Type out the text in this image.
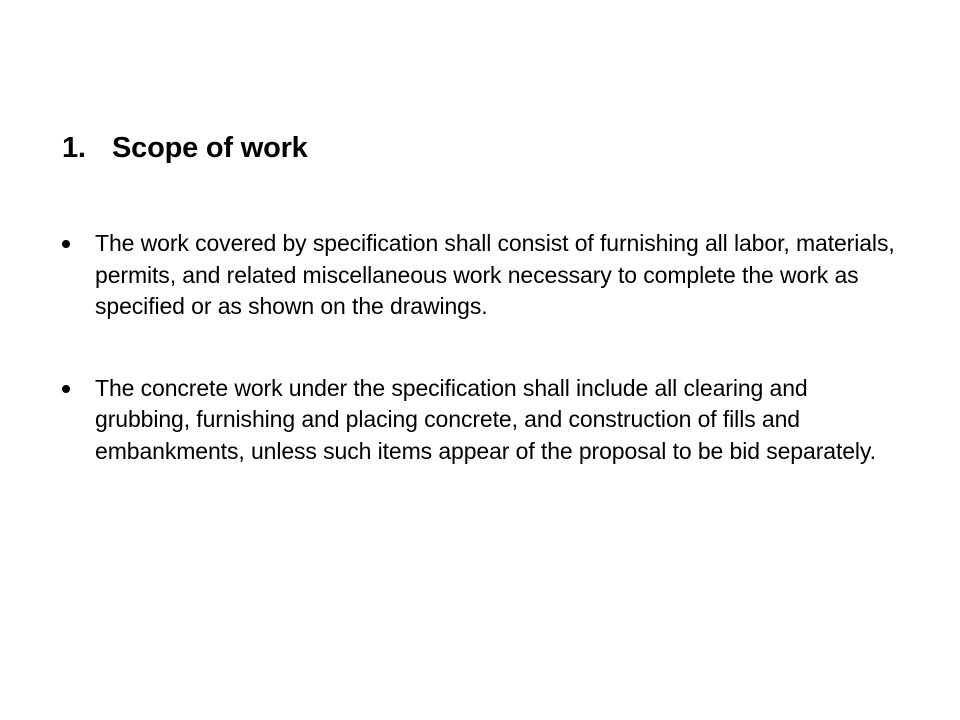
1. Scope of work
The work covered by specification shall consist of furnishing all labor, materials, permits, and related miscellaneous work necessary to complete the work as specified or as shown on the drawings.
The concrete work under the specification shall include all clearing and grubbing, furnishing and placing concrete, and construction of fills and embankments, unless such items appear of the proposal to be bid separately.
